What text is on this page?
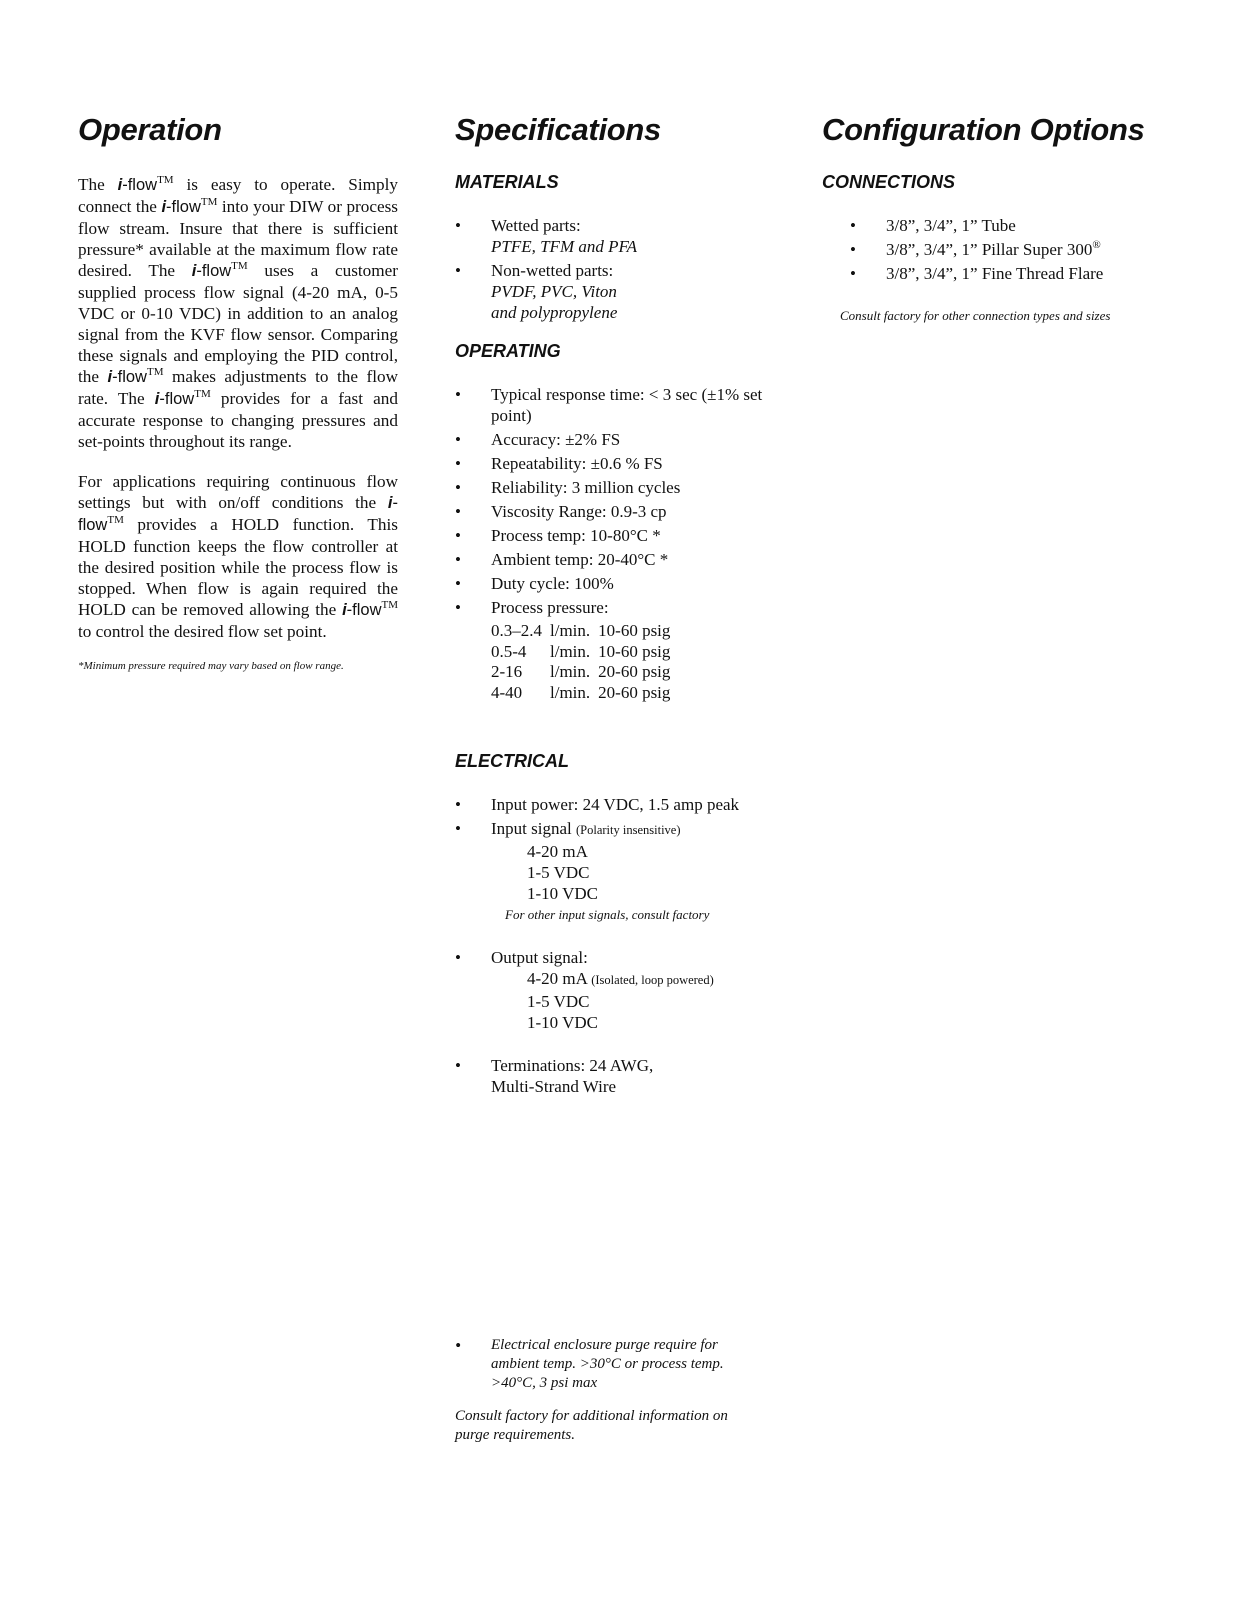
Operation

The i-flow™ is easy to operate. Simply connect the i-flow™ into your DIW or process flow stream. Insure that there is sufficient pressure* available at the maximum flow rate desired. The i-flow™ uses a customer supplied process flow signal (4-20 mA, 0-5 VDC or 0-10 VDC) in addition to an analog signal from the KVF flow sensor. Comparing these signals and employing the PID control, the i-flow™ makes adjustments to the flow rate. The i-flow™ provides for a fast and accurate response to changing pressures and set-points throughout its range.

For applications requiring continuous flow settings but with on/off conditions the i-flow™ provides a HOLD function. This HOLD function keeps the flow controller at the desired position while the process flow is stopped. When flow is again required the HOLD can be removed allowing the i-flow™ to control the desired flow set point.

*Minimum pressure required may vary based on flow range.
Specifications
MATERIALS
• Wetted parts:
PTFE, TFM and PFA
• Non-wetted parts:
PVDF, PVC, Viton
and polypropylene
OPERATING
• Typical response time: < 3 sec (±1% set point)
• Accuracy: ±2% FS
• Repeatability: ±0.6 % FS
• Reliability: 3 million cycles
• Viscosity Range: 0.9-3 cp
• Process temp: 10-80°C *
• Ambient temp: 20-40°C *
• Duty cycle: 100%
• Process pressure:
0.3–2.4	l/min.	10-60 psig
0.5-4	l/min.	10-60 psig
2-16	l/min.	20-60 psig
4-40	l/min.	20-60 psig
ELECTRICAL
• Input power: 24 VDC, 1.5 amp peak
• Input signal (Polarity insensitive)
4-20 mA
1-5 VDC
1-10 VDC
For other input signals, consult factory
• Output signal:
4-20 mA (Isolated, loop powered)
1-5 VDC
1-10 VDC
• Terminations: 24 AWG,
Multi-Strand Wire
• Electrical enclosure purge require for ambient temp. >30°C or process temp. >40°C, 3 psi max
Consult factory for additional information on purge requirements.
Configuration Options
CONNECTIONS
• 3/8”, 3/4”, 1” Tube
• 3/8”, 3/4”, 1” Pillar Super 300®
• 3/8”, 3/4”, 1” Fine Thread Flare
Consult factory for other connection types and sizes
